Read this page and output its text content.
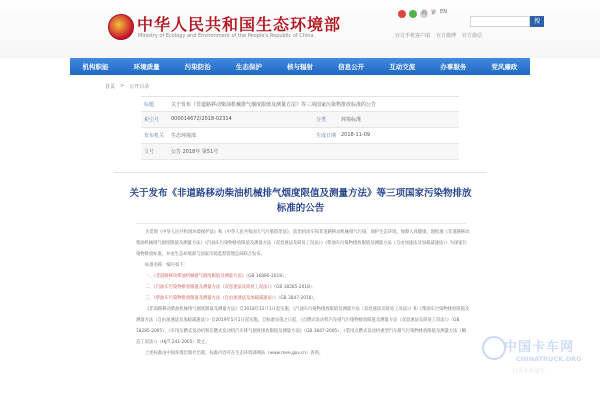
中华人民共和国生态环境部
Ministry of Ecology and Environment of the People's Republic of China
简 繁 EN
搜
官方手机客户端 官方微博 官方微信
机构职能	环境质量	污染防治	生态保护	核与辐射	信息公开	互动交流	办事服务	党风廉政
首页 > 公开目录
标题	关于发布《非道路移动柴油机械排气烟度限值及测量方法》等三项国家污染物排放标准的公告
索引号 000014672/2018-02314	分类	环境标准
发布机关 生态环境部	生成日期 2018-11-09
文号	公告 2018年 第51号
关于发布《非道路移动柴油机械排气烟度限值及测量方法》等三项国家污染物排放标准的公告

为贯彻《中华人民共和国环境保护法》和《中华人民共和国大气污染防治法》，防治机动车和非道路移动机械排气污染，保护生态环境，保障人体健康，现批准《非道路移动柴油机械排气烟度限值及测量方法》《汽油车污染物排放限值及测量方法（双怠速法及简易工况法）》《柴油车污染物排放限值及测量方法（自由加速法及加载减速法）》为国家污染物排放标准，并由生态环境部与国家市场监督管理总局联合发布。

标准名称、编号如下：

一、《非道路移动柴油机械排气烟度限值及测量方法》（GB 36886-2018）；

二、《汽油车污染物排放限值及测量方法（双怠速法及简易工况法）》（GB 18285-2018）；

三、《柴油车污染物排放限值及测量方法（自由加速法及加载减速法）》（GB 3847-2018）。

《非道路移动柴油机械排气烟度限值及测量方法》自2018年12月1日起实施，《汽油车污染物排放限值及测量方法（双怠速法及简易工况法）》和《柴油车污染物排放限值及测量方法（自由加速法及加载减速法）》自2019年5月1日起实施。自标准实施之日起，《点燃式发动机汽车排气污染物排放限值及测量方法（双怠速法及简易工况法）》（GB 18285-2005）、《车用压燃式发动机和压燃式发动机汽车排气烟度排放限值及测量方法》（GB 3847-2005）、《装用点燃式发动机重型汽车排气污染物排放限值及测量方法（瞬态工况法）》（HJ/T 241-2005）废止。

上述标准由中国环境出版社出版，标准内容可在生态环境部网站（www.mee.gov.cn）查询。	中国卡车网
CHINATRUCK.ORG
只为卡车而生
